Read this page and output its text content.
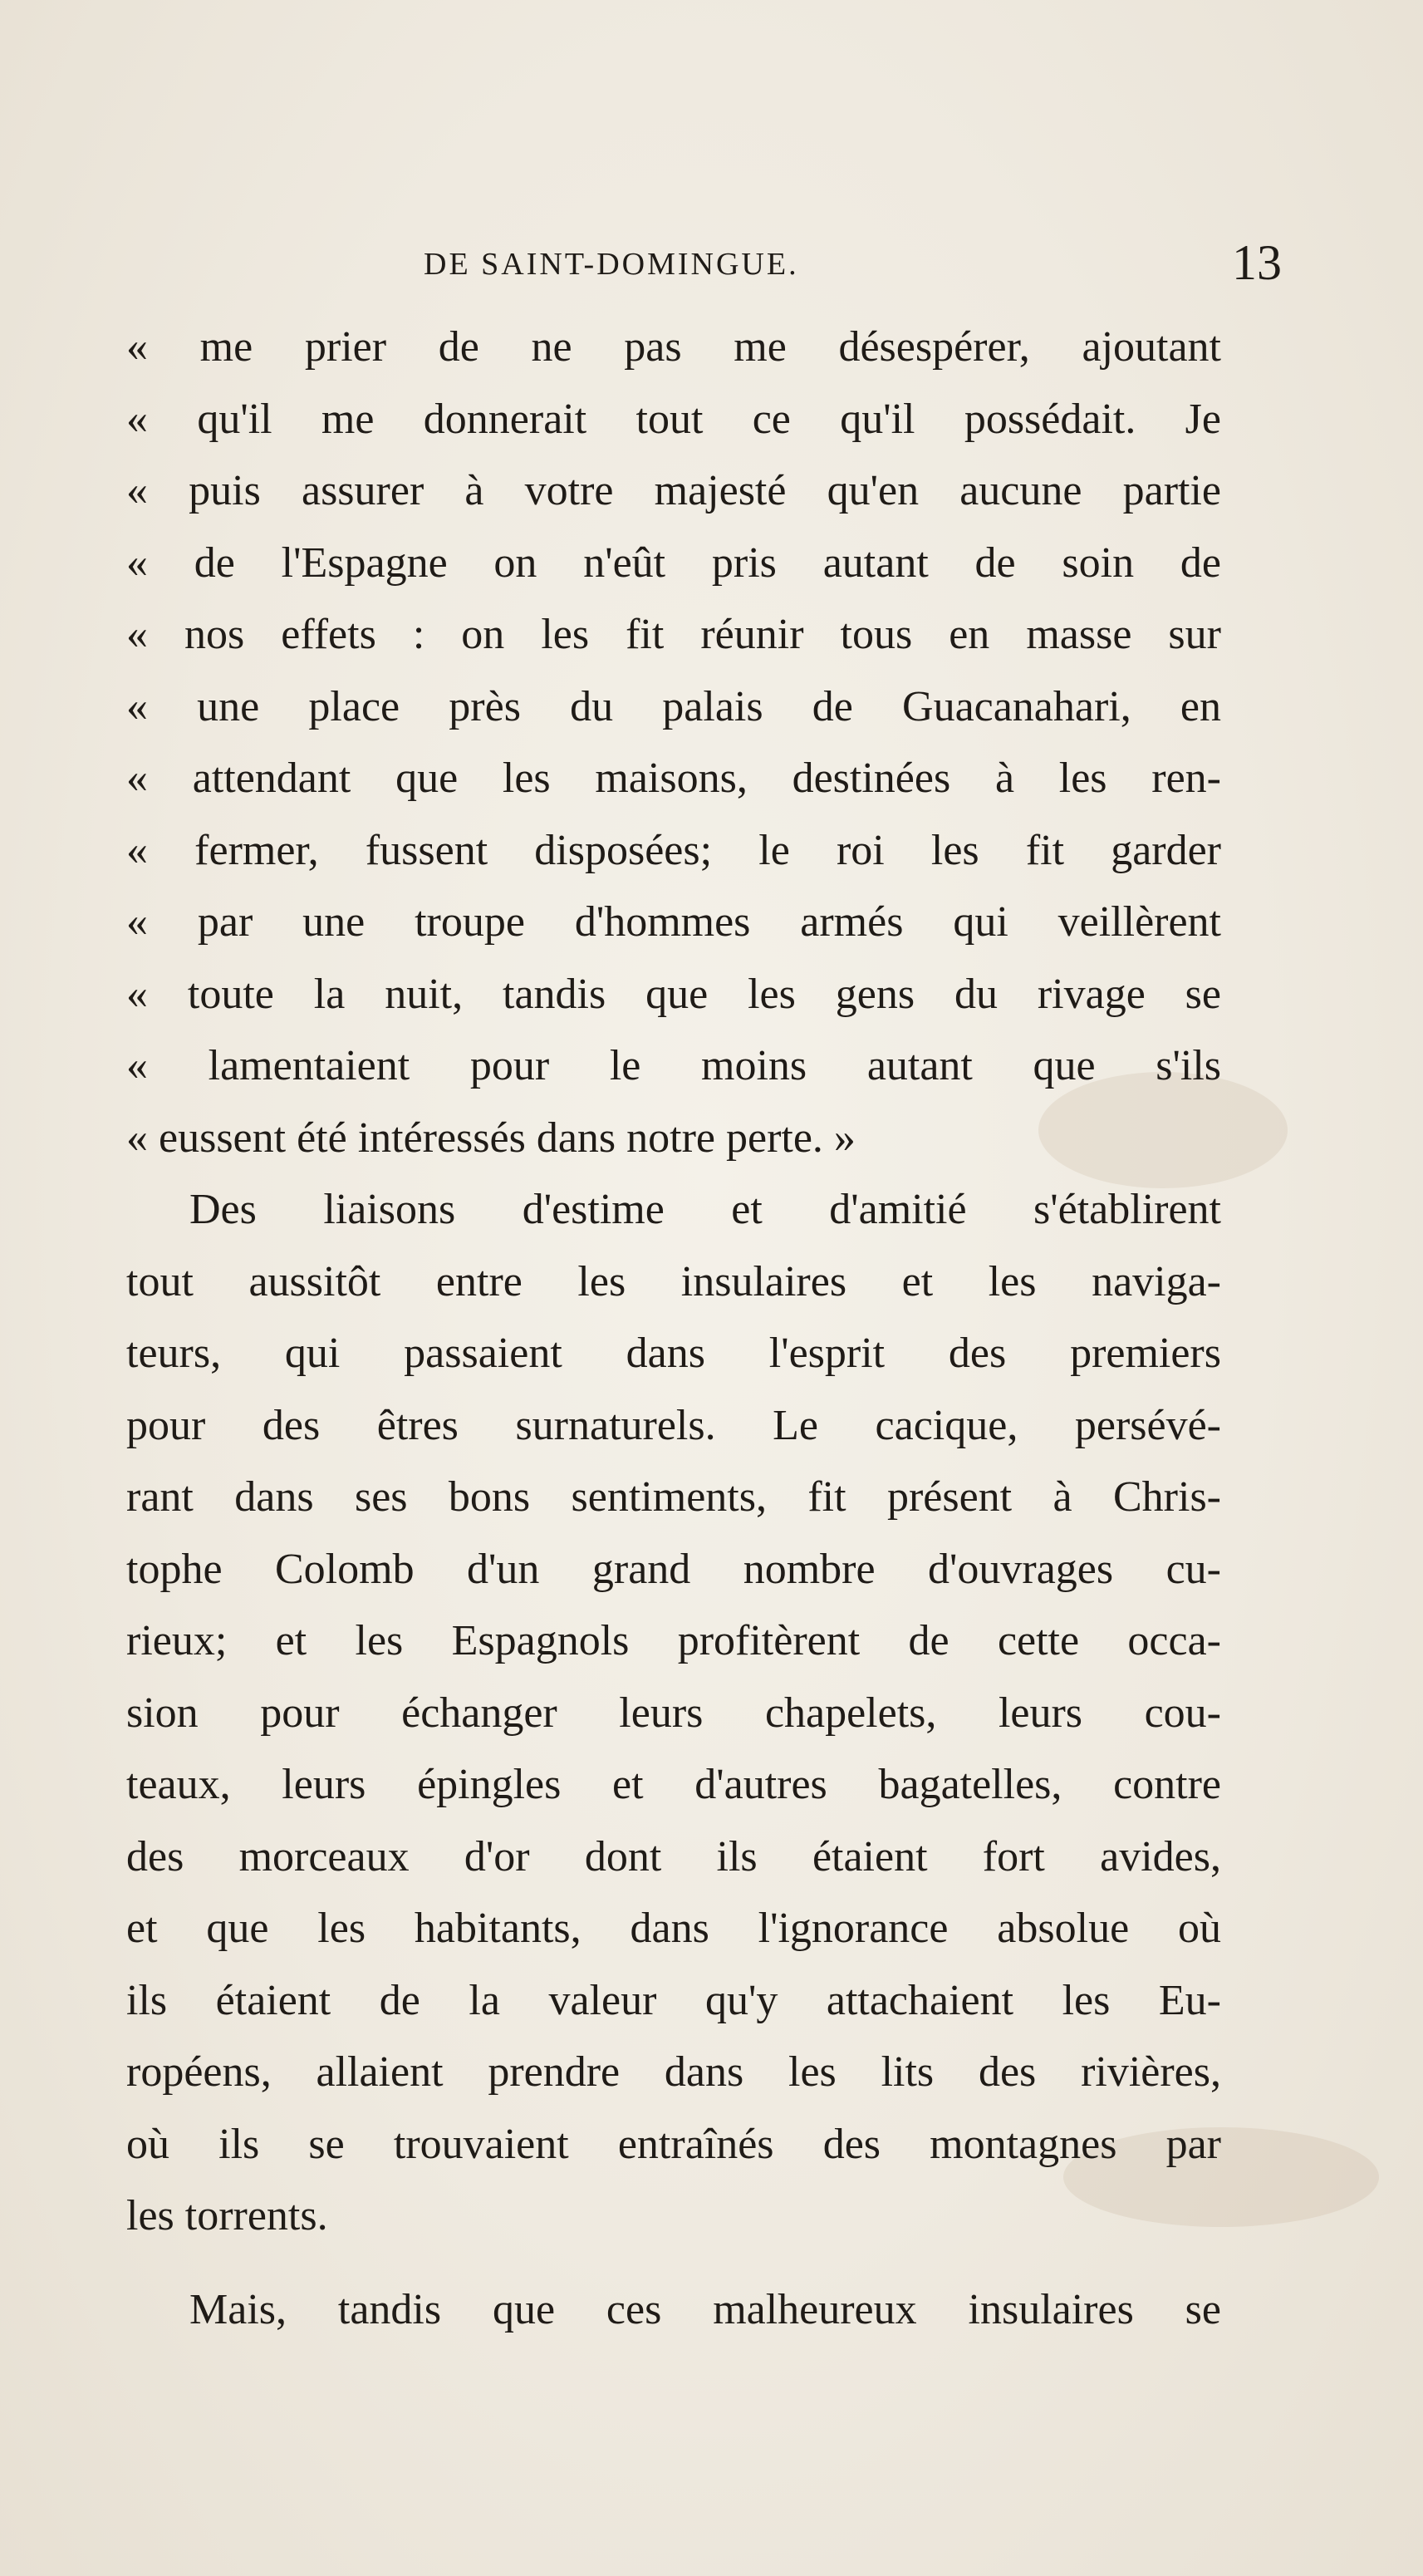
DE SAINT-DOMINGUE.	13
« me prier de ne pas me désespérer, ajoutant
« qu'il me donnerait tout ce qu'il possédait. Je
« puis assurer à votre majesté qu'en aucune partie
« de l'Espagne on n'eût pris autant de soin de
« nos effets : on les fit réunir tous en masse sur
« une place près du palais de Guacanahari, en
« attendant que les maisons, destinées à les ren-
« fermer, fussent disposées; le roi les fit garder
« par une troupe d'hommes armés qui veillèrent
« toute la nuit, tandis que les gens du rivage se
« lamentaient pour le moins autant que s'ils
« eussent été intéressés dans notre perte. »
Des liaisons d'estime et d'amitié s'établirent
tout aussitôt entre les insulaires et les naviga-
teurs, qui passaient dans l'esprit des premiers
pour des êtres surnaturels. Le cacique, persévé-
rant dans ses bons sentiments, fit présent à Chris-
tophe Colomb d'un grand nombre d'ouvrages cu-
rieux; et les Espagnols profitèrent de cette occa-
sion pour échanger leurs chapelets, leurs cou-
teaux, leurs épingles et d'autres bagatelles, contre
des morceaux d'or dont ils étaient fort avides,
et que les habitants, dans l'ignorance absolue où
ils étaient de la valeur qu'y attachaient les Eu-
ropéens, allaient prendre dans les lits des rivières,
où ils se trouvaient entraînés des montagnes par
les torrents.
Mais, tandis que ces malheureux insulaires se
